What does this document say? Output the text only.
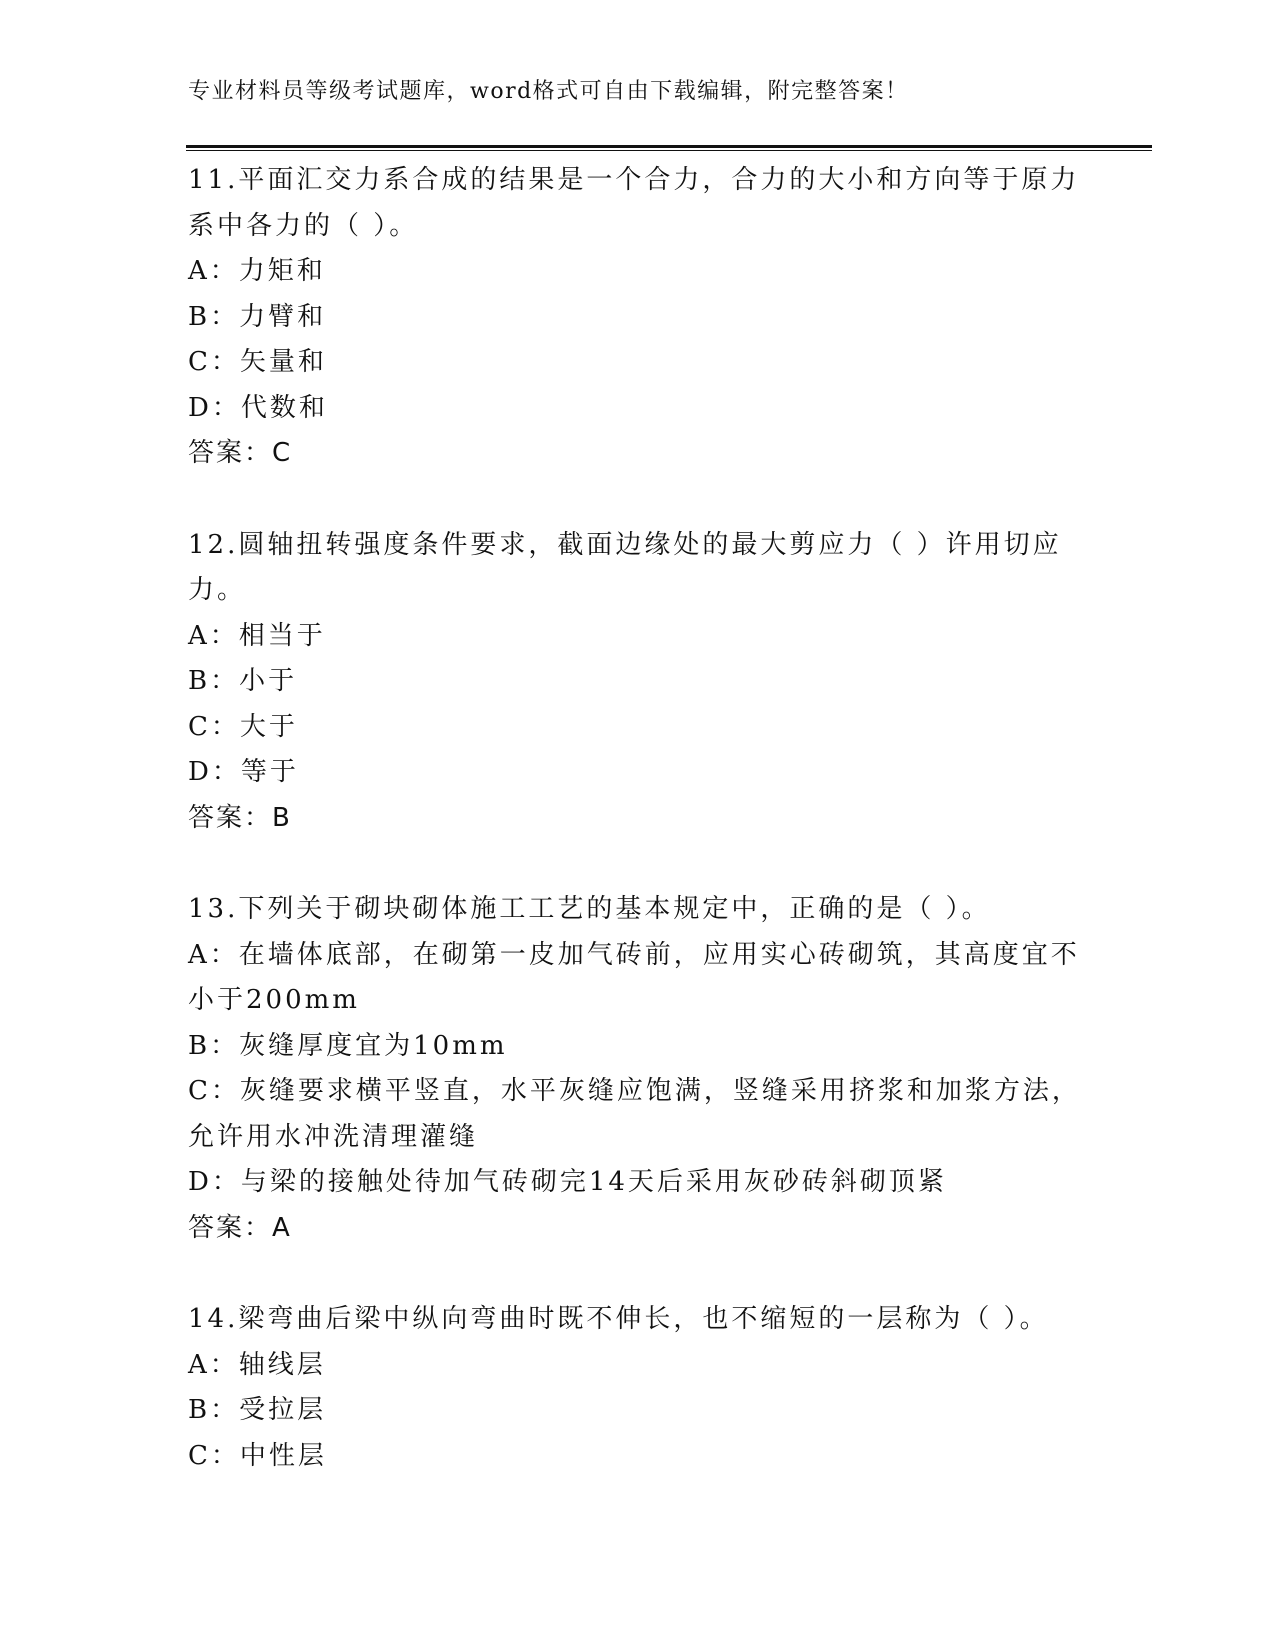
专业材料员等级考试题库，word格式可自由下载编辑，附完整答案！
11.平面汇交力系合成的结果是一个合力，合力的大小和方向等于原力
系中各力的（ ）。
A：力矩和
B：力臂和
C：矢量和
D：代数和
答案：C
12.圆轴扭转强度条件要求，截面边缘处的最大剪应力（ ）许用切应
力。
A：相当于
B：小于
C：大于
D：等于
答案：B
13.下列关于砌块砌体施工工艺的基本规定中，正确的是（ ）。
A：在墙体底部，在砌第一皮加气砖前，应用实心砖砌筑，其高度宜不
小于200mm
B：灰缝厚度宜为10mm
C：灰缝要求横平竖直，水平灰缝应饱满，竖缝采用挤浆和加浆方法，
允许用水冲洗清理灌缝
D：与梁的接触处待加气砖砌完14天后采用灰砂砖斜砌顶紧
答案：A
14.梁弯曲后梁中纵向弯曲时既不伸长，也不缩短的一层称为（ ）。
A：轴线层
B：受拉层
C：中性层
